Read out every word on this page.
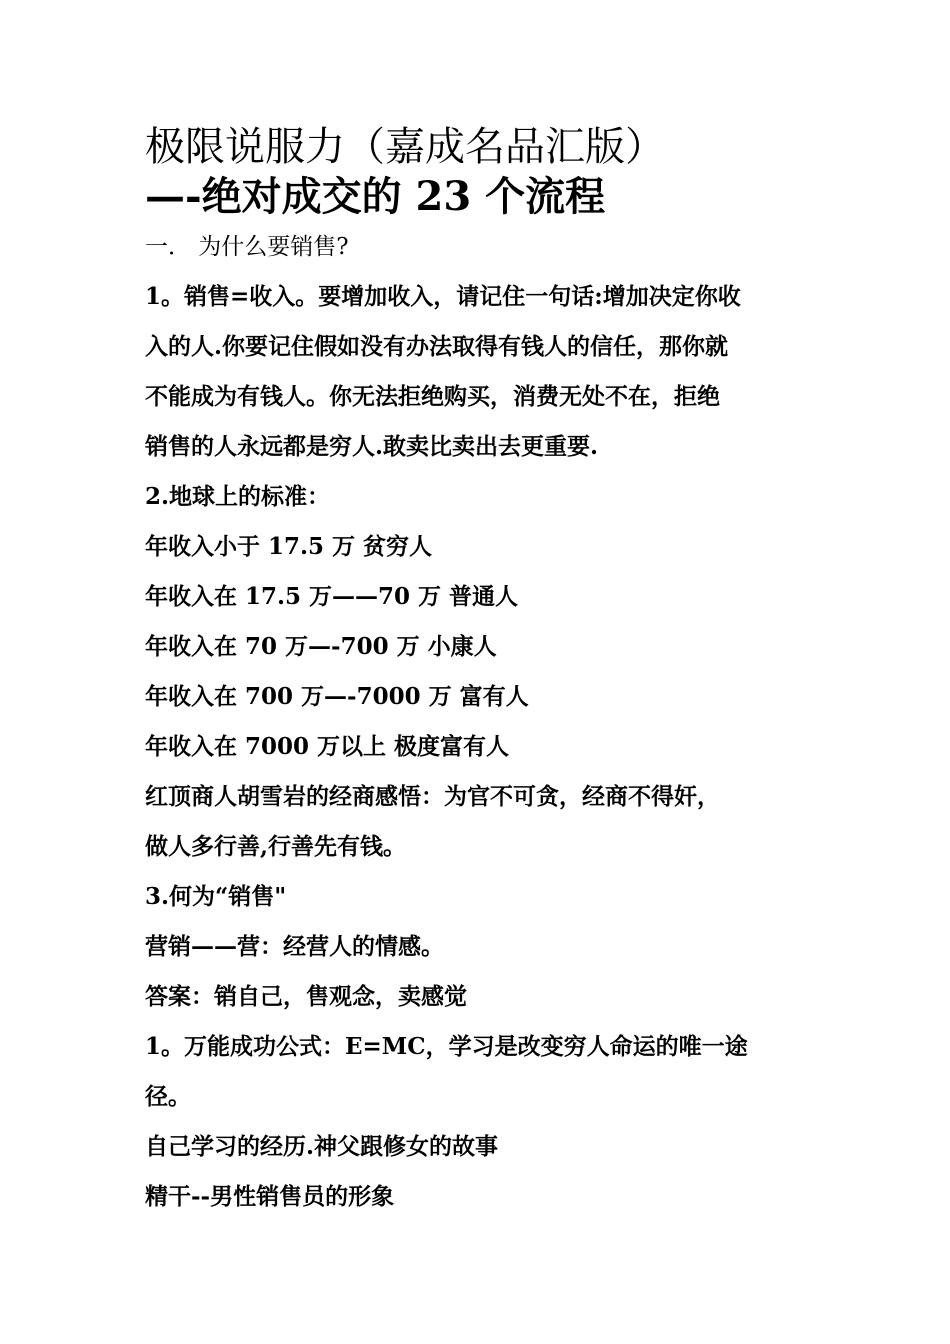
极限说服力（嘉成名品汇版）
—-绝对成交的 23 个流程
一． 为什么要销售?
1。销售=收入。要增加收入，请记住一句话:增加决定你收
入的人.你要记住假如没有办法取得有钱人的信任，那你就
不能成为有钱人。你无法拒绝购买，消费无处不在，拒绝
销售的人永远都是穷人.敢卖比卖出去更重要.
2.地球上的标准：
年收入小于 17.5 万 贫穷人
年收入在 17.5 万——70 万 普通人
年收入在 70 万—-700 万 小康人
年收入在 700 万—-7000 万 富有人
年收入在 7000 万以上 极度富有人
红顶商人胡雪岩的经商感悟：为官不可贪，经商不得奸，
做人多行善,行善先有钱。
3.何为“销售"
营销——营：经营人的情感。
答案：销自己，售观念，卖感觉
1。万能成功公式：E=MC，学习是改变穷人命运的唯一途
径。
自己学习的经历.神父跟修女的故事
精干--男性销售员的形象
